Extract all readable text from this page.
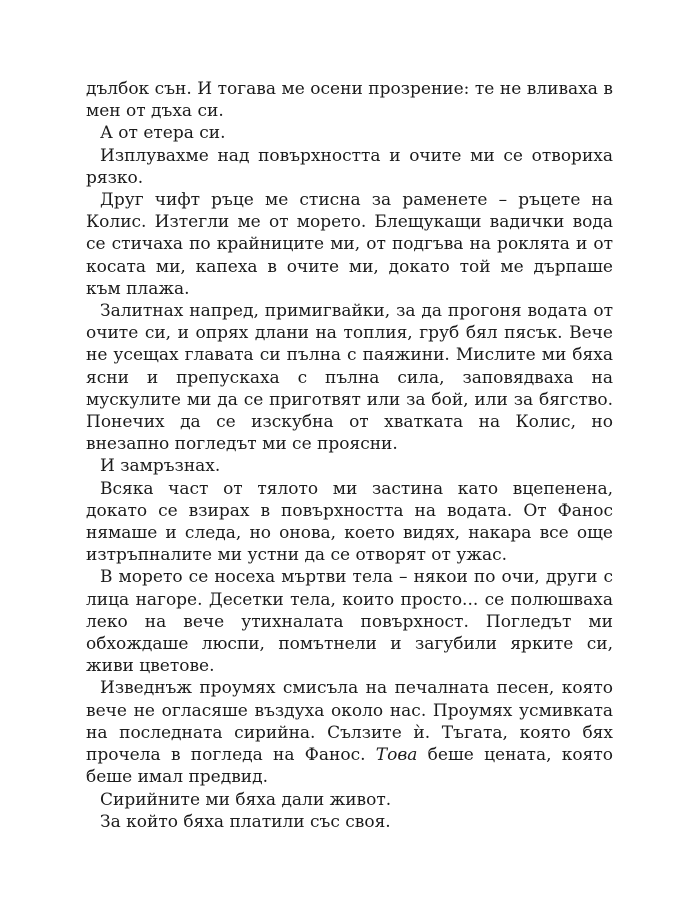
дълбок сън. И тогава ме осени прозрение: те не вливаха в мен от дъха си.

А от етера си.

Изплувахме над повърхността и очите ми се отвориха рязко.

Друг чифт ръце ме стисна за раменете – ръцете на Колис. Изтегли ме от морето. Блещукащи вадички вода се стичаха по крайниците ми, от подгъва на роклята и от косата ми, капеха в очите ми, докато той ме дърпаше към плажа.

Залитнах напред, примигвайки, за да прогоня водата от очите си, и опрях длани на топлия, груб бял пясък. Вече не усещах главата си пълна с паяжини. Мислите ми бяха ясни и препускаха с пълна сила, заповядваха на мускулите ми да се приготвят или за бой, или за бягство. Понечих да се изскубна от хватката на Колис, но внезапно погледът ми се проясни.

И замръзнах.

Всяка част от тялото ми застина като вцепенена, докато се взирах в повърхността на водата. От Фанос нямаше и следа, но онова, което видях, накара все още изтръпналите ми устни да се отворят от ужас.

В морето се носеха мъртви тела – някои по очи, други с лица нагоре. Десетки тела, които просто... се полюшваха леко на вече утихналата повърхност. Погледът ми обхождаше люспи, помътнели и загубили ярките си, живи цветове.

Изведнъж проумях смисъла на печалната песен, която вече не огласяше въздуха около нас. Проумях усмивката на последната сирийна. Сълзите ѝ. Тъгата, която бях прочела в погледа на Фанос. Това беше цената, която беше имал предвид.

Сирийните ми бяха дали живот.

За който бяха платили със своя.
